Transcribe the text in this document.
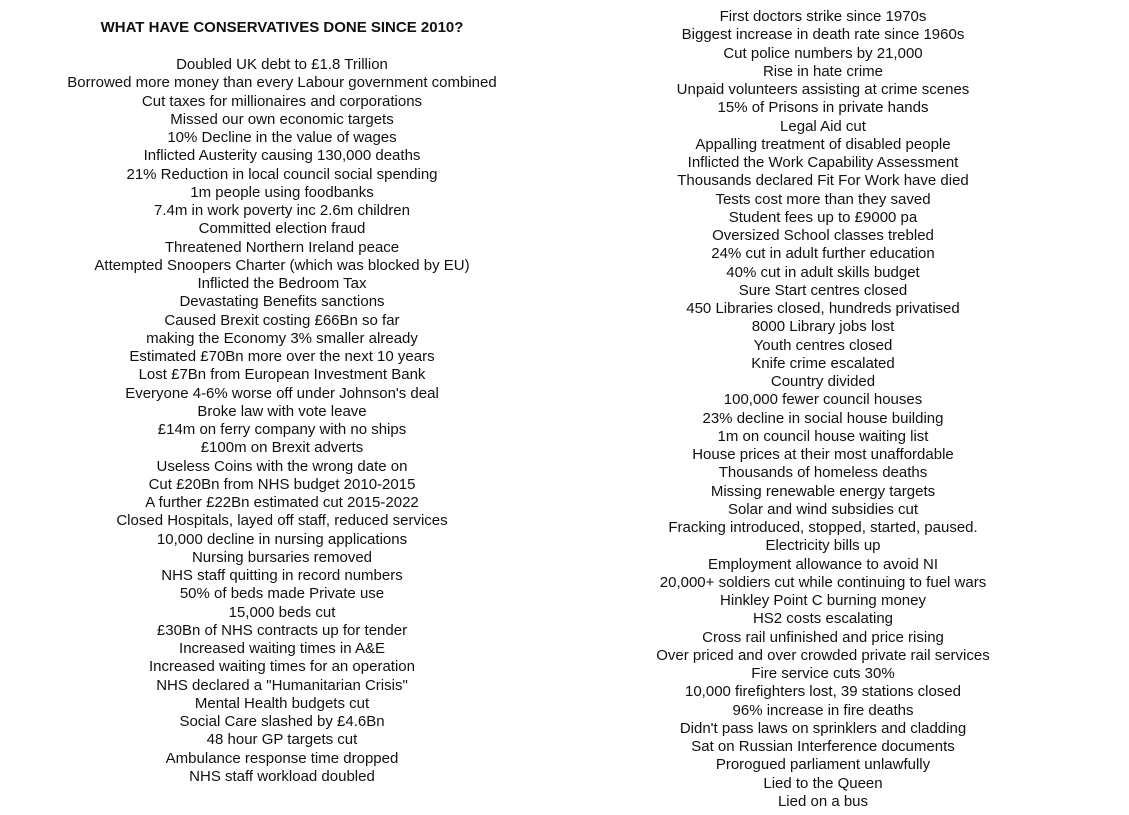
WHAT HAVE CONSERVATIVES DONE SINCE 2010?
Doubled UK debt to £1.8 Trillion
Borrowed more money than every Labour government combined
Cut taxes for millionaires and corporations
Missed our own economic targets
10% Decline in the value of wages
Inflicted Austerity causing 130,000 deaths
21% Reduction in local council social spending
1m people using foodbanks
7.4m in work poverty inc 2.6m children
Committed election fraud
Threatened Northern Ireland peace
Attempted Snoopers Charter (which was blocked by EU)
Inflicted the Bedroom Tax
Devastating Benefits sanctions
Caused Brexit costing £66Bn so far
making the Economy 3% smaller already
Estimated £70Bn more over the next 10 years
Lost £7Bn from European Investment Bank
Everyone 4-6% worse off under Johnson's deal
Broke law with vote leave
£14m on ferry company with no ships
£100m on Brexit adverts
Useless Coins with the wrong date on
Cut £20Bn from NHS budget 2010-2015
A further £22Bn estimated cut 2015-2022
Closed Hospitals, layed off staff, reduced services
10,000 decline in nursing applications
Nursing bursaries removed
NHS staff quitting in record numbers
50% of beds made Private use
15,000 beds cut
£30Bn of NHS contracts up for tender
Increased waiting times in A&E
Increased waiting times for an operation
NHS declared a "Humanitarian Crisis"
Mental Health budgets cut
Social Care slashed by £4.6Bn
48 hour GP targets cut
Ambulance response time dropped
NHS staff workload doubled
First doctors strike since 1970s
Biggest increase in death rate since 1960s
Cut police numbers by 21,000
Rise in hate crime
Unpaid volunteers assisting at crime scenes
15% of Prisons in private hands
Legal Aid cut
Appalling treatment of disabled people
Inflicted the Work Capability Assessment
Thousands declared Fit For Work have died
Tests cost more than they saved
Student fees up to £9000 pa
Oversized School classes trebled
24% cut in adult further education
40% cut in adult skills budget
Sure Start centres closed
450 Libraries closed, hundreds privatised
8000 Library jobs lost
Youth centres closed
Knife crime escalated
Country divided
100,000 fewer council houses
23% decline in social house building
1m on council house waiting list
House prices at their most unaffordable
Thousands of homeless deaths
Missing renewable energy targets
Solar and wind subsidies cut
Fracking introduced, stopped, started, paused.
Electricity bills up
Employment allowance to avoid NI
20,000+ soldiers cut while continuing to fuel wars
Hinkley Point C burning money
HS2 costs escalating
Cross rail unfinished and price rising
Over priced and over crowded private rail services
Fire service cuts 30%
10,000 firefighters lost, 39 stations closed
96% increase in fire deaths
Didn't pass laws on sprinklers and cladding
Sat on Russian Interference documents
Prorogued parliament unlawfully
Lied to the Queen
Lied on a bus
